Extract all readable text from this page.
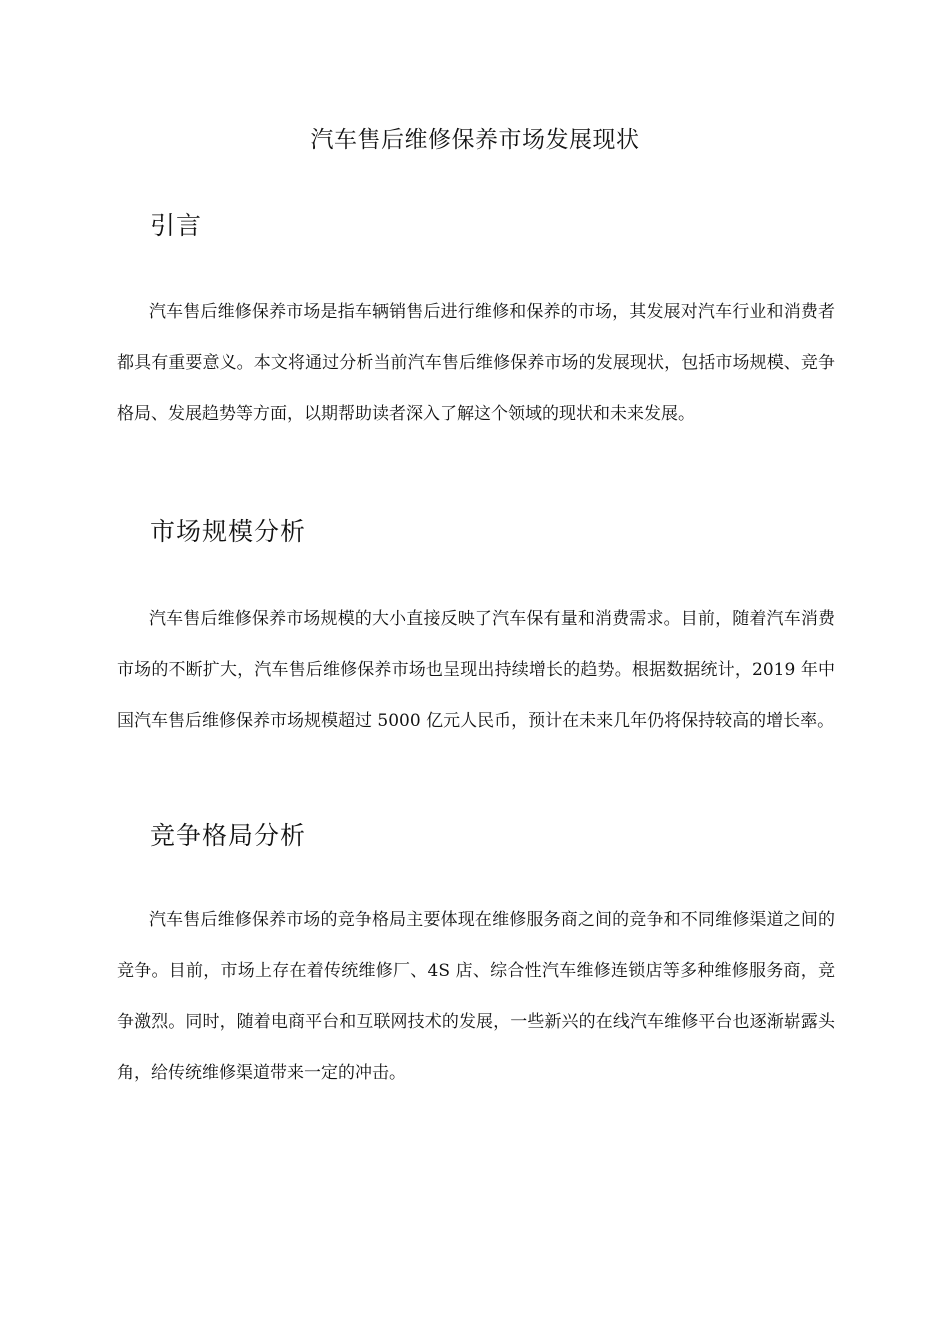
汽车售后维修保养市场发展现状
引言

汽车售后维修保养市场是指车辆销售后进行维修和保养的市场，其发展对汽车行业和消费者都具有重要意义。本文将通过分析当前汽车售后维修保养市场的发展现状，包括市场规模、竞争格局、发展趋势等方面，以期帮助读者深入了解这个领域的现状和未来发展。

市场规模分析

汽车售后维修保养市场规模的大小直接反映了汽车保有量和消费需求。目前，随着汽车消费市场的不断扩大，汽车售后维修保养市场也呈现出持续增长的趋势。根据数据统计，2019 年中国汽车售后维修保养市场规模超过 5000 亿元人民币，预计在未来几年仍将保持较高的增长率。

竞争格局分析

汽车售后维修保养市场的竞争格局主要体现在维修服务商之间的竞争和不同维修渠道之间的竞争。目前，市场上存在着传统维修厂、4S 店、综合性汽车维修连锁店等多种维修服务商，竞争激烈。同时，随着电商平台和互联网技术的发展，一些新兴的在线汽车维修平台也逐渐崭露头角，给传统维修渠道带来一定的冲击。
